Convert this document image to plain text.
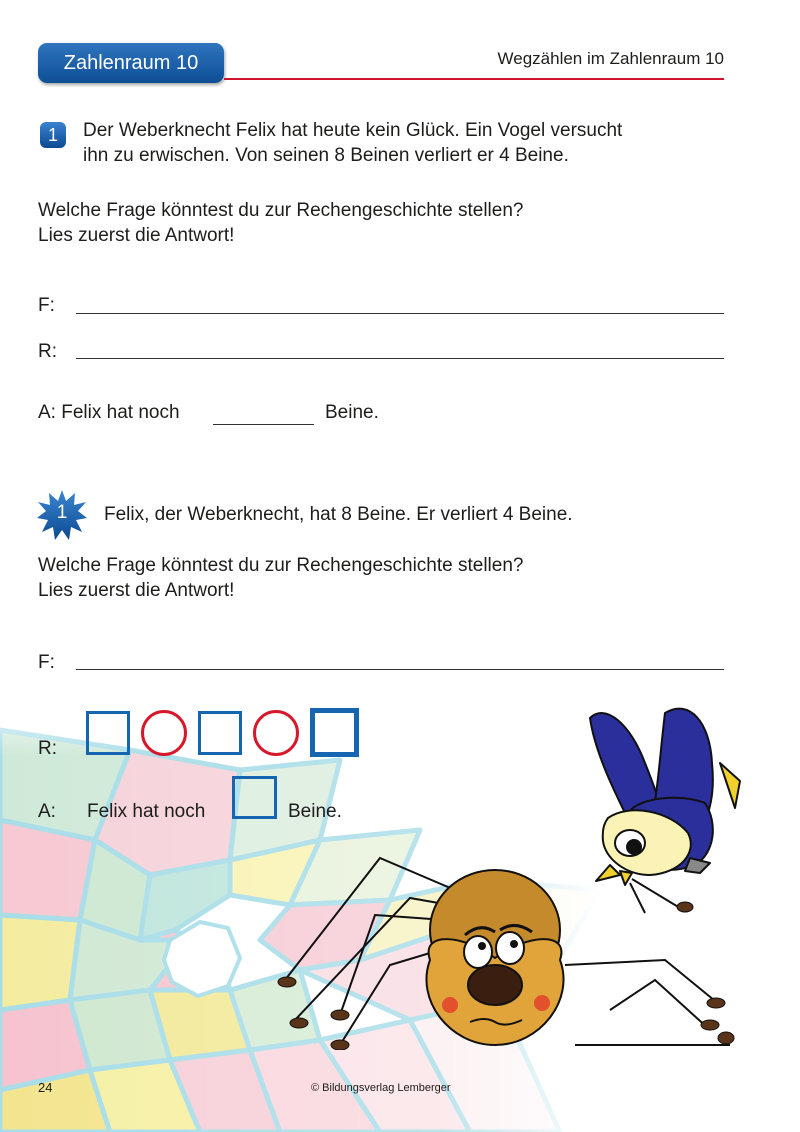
Zahlenraum 10	Wegzählen im Zahlenraum 10
1	Der Weberknecht Felix hat heute kein Glück. Ein Vogel versucht
ihn zu erwischen. Von seinen 8 Beinen verliert er 4 Beine.
Welche Frage könntest du zur Rechengeschichte stellen?
Lies zuerst die Antwort!
F:
R:
A: Felix hat noch	Beine.
1	Felix, der Weberknecht, hat 8 Beine. Er verliert 4 Beine.
Welche Frage könntest du zur Rechengeschichte stellen?
Lies zuerst die Antwort!
F:
R:
A: Felix hat noch	Beine.
24	© Bildungsverlag Lemberger
